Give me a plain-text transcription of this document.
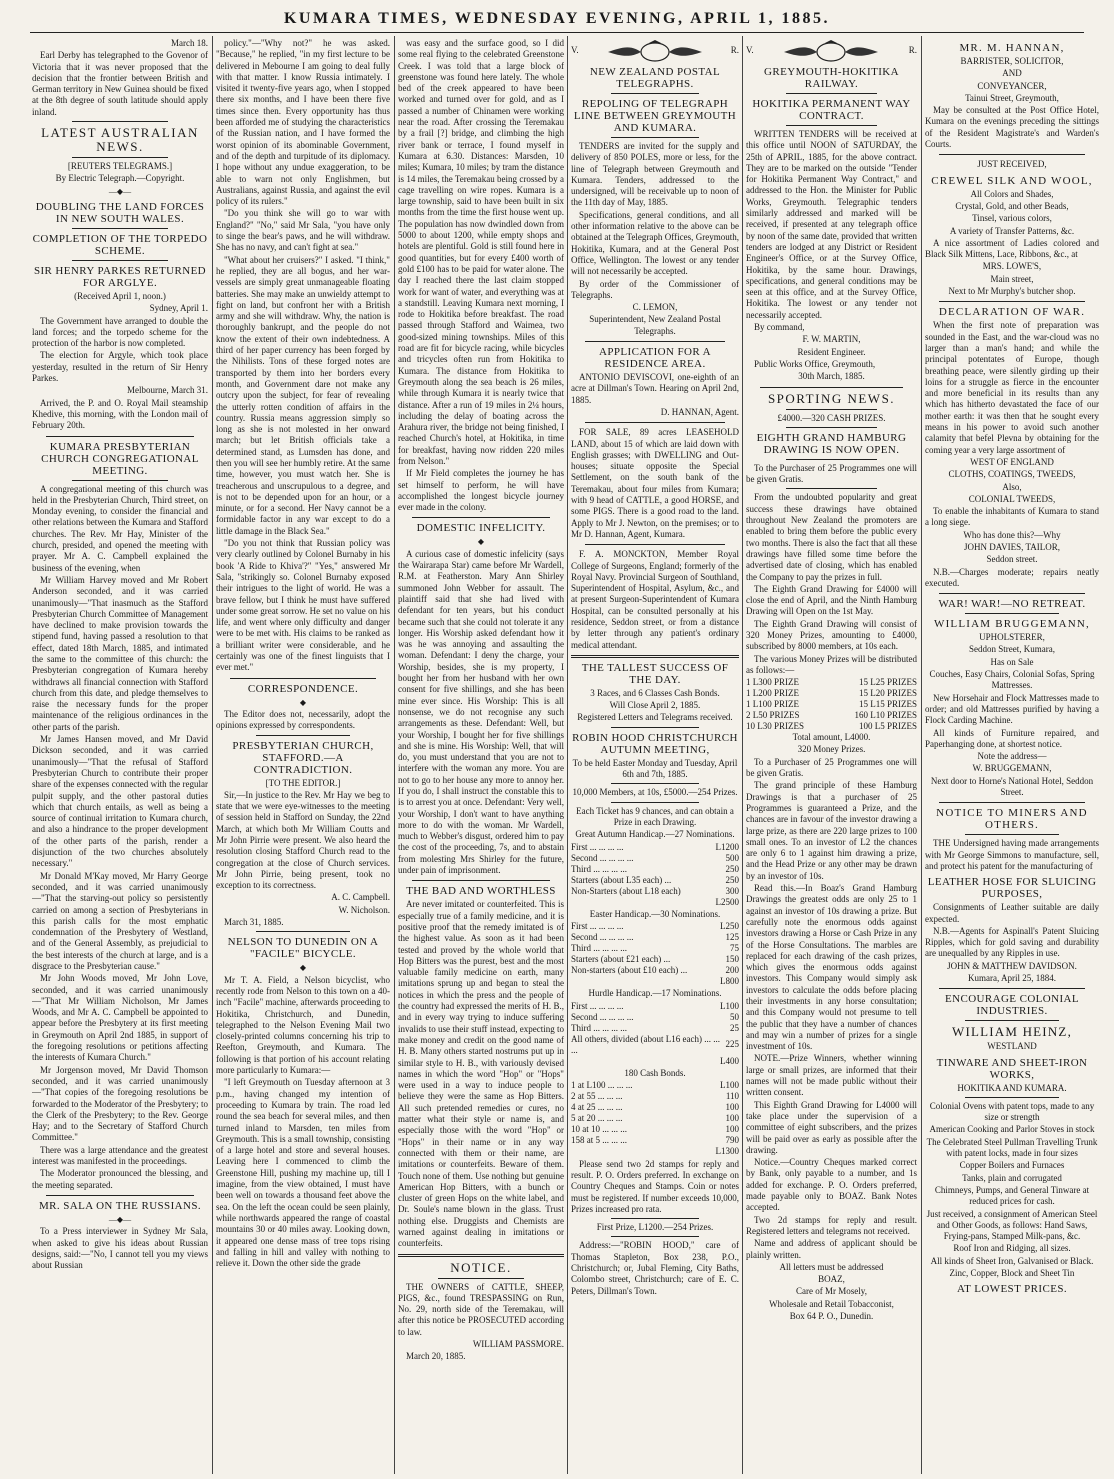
KUMARA TIMES, WEDNESDAY EVENING, APRIL 1, 1885.

March 18.

Earl Derby has telegraphed to the Govenor of Victoria that it was never proposed that the decision that the frontier between British and German territory in New Guinea should be fixed at the 8th degree of south latitude should apply inland.

LATEST AUSTRALIAN NEWS.

[REUTERS TELEGRAMS.]

By Electric Telegraph.—Copyright.

—◆—
DOUBLING THE LAND FORCES IN NEW SOUTH WALES.
COMPLETION OF THE TORPEDO SCHEME.
SIR HENRY PARKES RETURNED FOR ARGLYE.

(Received April 1, noon.)

Sydney, April 1.

The Government have arranged to double the land forces; and the torpedo scheme for the protection of the harbor is now completed.

The election for Argyle, which took place yesterday, resulted in the return of Sir Henry Parkes.

Melbourne, March 31.

Arrived, the P. and O. Royal Mail steamship Khedive, this morning, with the London mail of February 20th.

KUMARA PRESBYTERIAN CHURCH CONGREGATIONAL MEETING.

A congregational meeting of this church was held in the Presbyterian Church, Third street, on Monday evening, to consider the financial and other relations between the Kumara and Stafford churches. The Rev. Mr Hay, Minister of the church, presided, and opened the meeting with prayer. Mr A. C. Campbell explained the business of the evening, when

Mr William Harvey moved and Mr Robert Anderson seconded, and it was carried unanimously—"That inasmuch as the Stafford Presbyterian Church Committee of Management have declined to make provision towards the stipend fund, having passed a resolution to that effect, dated 18th March, 1885, and intimated the same to the committee of this church: the Presbyterian congregation of Kumara hereby withdraws all financial connection with Stafford church from this date, and pledge themselves to raise the necessary funds for the proper maintenance of the religious ordinances in the other parts of the parish.

Mr James Hansen moved, and Mr David Dickson seconded, and it was carried unanimously—"That the refusal of Stafford Presbyterian Church to contribute their proper share of the expenses connected with the regular pulpit supply, and the other pastoral duties which that church entails, as well as being a source of continual irritation to Kumara church, and also a hindrance to the proper development of the other parts of the parish, render a disjunction of the two churches absolutely necessary."

Mr Donald M'Kay moved, Mr Harry George seconded, and it was carried unanimously—"That the starving-out policy so persistently carried on among a section of Presbyterians in this parish calls for the most emphatic condemnation of the Presbytery of Westland, and of the General Assembly, as prejudicial to the best interests of the church at large, and is a disgrace to the Presbyterian cause."

Mr John Woods moved, Mr John Love, seconded, and it was carried unanimously—"That Mr William Nicholson, Mr James Woods, and Mr A. C. Campbell be appointed to appear before the Presbytery at its first meeting in Greymouth on April 2nd 1885, in support of the foregoing resolutions or petitions affecting the interests of Kumara Church."

Mr Jorgenson moved, Mr David Thomson seconded, and it was carried unanimously—"That copies of the foregoing resolutions be forwarded to the Moderator of the Presbytery; to the Clerk of the Presbytery; to the Rev. George Hay; and to the Secretary of Stafford Church Committee."

There was a large attendance and the greatest interest was manifested in the proceedings.

The Moderator pronounced the blessing, and the meeting separated.

MR. SALA ON THE RUSSIANS.
—◆—

To a Press interviewer in Sydney Mr Sala, when asked to give his ideas about Russian designs, said:—"No, I cannot tell you my views about Russian

policy."—"Why not?" he was asked. "Because," he replied, "in my first lecture to be delivered in Mebourne I am going to deal fully with that matter. I know Russia intimately. I visited it twenty-five years ago, when I stopped there six months, and I have been there five times since then. Every opportunity has thus been afforded me of studying the characteristics of the Russian nation, and I have formed the worst opinion of its abominable Government, and of the depth and turpitude of its diplomacy. I hope without any undue exaggeration, to be able to warn not only Englishmen, but Australians, against Russia, and against the evil policy of its rulers."

"Do you think she will go to war with England?" "No," said Mr Sala, "you have only to singe the bear's paws, and he will withdraw. She has no navy, and can't fight at sea."

"What about her cruisers?" I asked. "I think," he replied, they are all bogus, and her war-vessels are simply great unmanageable floating batteries. She may make an unwieldy attempt to fight on land, but confront her with a British army and she will withdraw. Why, the nation is thoroughly bankrupt, and the people do not know the extent of their own indebtedness. A third of her paper currency has been forged by the Nihilists. Tons of these forged notes are transported by them into her borders every month, and Government dare not make any outcry upon the subject, for fear of revealing the utterly rotten condition of affairs in the country. Russia means aggression simply so long as she is not molested in her onward march; but let British officials take a determined stand, as Lumsden has done, and then you will see her humbly retire. At the same time, however, you must watch her. She is treacherous and unscrupulous to a degree, and is not to be depended upon for an hour, or a minute, or for a second. Her Navy cannot be a formidable factor in any war except to do a little damage in the Black Sea."

"Do you not think that Russian policy was very clearly outlined by Colonel Burnaby in his book 'A Ride to Khiva'?" "Yes," answered Mr Sala, "strikingly so. Colonel Burnaby exposed their intrigues to the light of world. He was a brave fellow, but I think he must have suffered under some great sorrow. He set no value on his life, and went where only difficulty and danger were to be met with. His claims to be ranked as a brilliant writer were considerable, and he certainly was one of the finest linguists that I ever met."

CORRESPONDENCE.
◆

The Editor does not, necessarily, adopt the opinions expressed by correspondents.

PRESBYTERIAN CHURCH, STAFFORD.—A CONTRADICTION.

[TO THE EDITOR.]

Sir,—In justice to the Rev. Mr Hay we beg to state that we were eye-witnesses to the meeting of session held in Stafford on Sunday, the 22nd March, at which both Mr William Coutts and Mr John Pirrie were present. We also heard the resolution closing Stafford Church read to the congregation at the close of Church services. Mr John Pirrie, being present, took no exception to its correctness.

A. C. Campbell.

W. Nicholson.

March 31, 1885.

NELSON TO DUNEDIN ON A "FACILE" BICYCLE.
◆

Mr T. A. Field, a Nelson bicyclist, who recently rode from Nelson to this town on a 40-inch "Facile" machine, afterwards proceeding to Hokitika, Christchurch, and Dunedin, telegraphed to the Nelson Evening Mail two closely-printed columns concerning his trip to Reefton, Greymouth, and Kumara. The following is that portion of his account relating more particularly to Kumara:—

"I left Greymouth on Tuesday afternoon at 3 p.m., having changed my intention of proceeding to Kumara by train. The road led round the sea beach for several miles, and then turned inland to Marsden, ten miles from Greymouth. This is a small township, consisting of a large hotel and store and several houses. Leaving here I commenced to climb the Greenstone Hill, pushing my machine up, till I imagine, from the view obtained, I must have been well on towards a thousand feet above the sea. On the left the ocean could be seen plainly, while northwards appeared the range of coastal mountains 30 or 40 miles away. Looking down, it appeared one dense mass of tree tops rising and falling in hill and valley with nothing to relieve it. Down the other side the grade

was easy and the surface good, so I did some real flying to the celebrated Greenstone Creek. I was told that a large block of greenstone was found here lately. The whole bed of the creek appeared to have been worked and turned over for gold, and as I passed a number of Chinamen were working near the road. After crossing the Teremakau by a frail [?] bridge, and climbing the high river bank or terrace, I found myself in Kumara at 6.30. Distances: Marsden, 10 miles; Kumara, 10 miles; by tram the distance is 14 miles, the Teremakau being crossed by a cage travelling on wire ropes. Kumara is a large township, said to have been built in six months from the time the first house went up. The population has now dwindled down from 5000 to about 1200, while empty shops and hotels are plentiful. Gold is still found here in good quantities, but for every £400 worth of gold £100 has to be paid for water alone. The day I reached there the last claim stopped work for want of water, and everything was at a standstill. Leaving Kumara next morning, I rode to Hokitika before breakfast. The road passed through Stafford and Waimea, two good-sized mining townships. Miles of this road are fit for bicycle racing, while bicycles and tricycles often run from Hokitika to Kumara. The distance from Hokitika to Greymouth along the sea beach is 26 miles, while through Kumara it is nearly twice that distance. After a run of 19 miles in 2¼ hours, including the delay of boating across the Arahura river, the bridge not being finished, I reached Church's hotel, at Hokitika, in time for breakfast, having now ridden 220 miles from Nelson."

If Mr Field completes the journey he has set himself to perform, he will have accomplished the longest bicycle journey ever made in the colony.

DOMESTIC INFELICITY.
◆

A curious case of domestic infelicity (says the Wairarapa Star) came before Mr Wardell, R.M. at Featherston. Mary Ann Shirley summoned John Webber for assault. The plaintiff said that she had lived with defendant for ten years, but his conduct became such that she could not tolerate it any longer. His Worship asked defendant how it was he was annoying and assaulting the woman. Defendant: I deny the charge, your Worship, besides, she is my property, I bought her from her husband with her own consent for five shillings, and she has been mine ever since. His Worship: This is all nonsense, we do not recognise any such arrangements as these. Defendant: Well, but your Worship, I bought her for five shillings and she is mine. His Worship: Well, that will do, you must understand that you are not to interfere with the woman any more. You are not to go to her house any more to annoy her. If you do, I shall instruct the constable this to is to arrest you at once. Defendant: Very well, your Worship, I don't want to have anything more to do with the woman. Mr Wardell, much to Webber's disgust, ordered him to pay the cost of the proceeding, 7s, and to abstain from molesting Mrs Shirley for the future, under pain of imprisonment.

THE BAD AND WORTHLESS

Are never imitated or counterfeited. This is especially true of a family medicine, and it is positive proof that the remedy imitated is of the highest value. As soon as it had been tested and proved by the whole world that Hop Bitters was the purest, best and the most valuable family medicine on earth, many imitations sprung up and began to steal the notices in which the press and the people of the country had expressed the merits of H. B., and in every way trying to induce suffering invalids to use their stuff instead, expecting to make money and credit on the good name of H. B. Many others started nostrums put up in similar style to H. B., with variously devised names in which the word "Hop" or "Hops" were used in a way to induce people to believe they were the same as Hop Bitters. All such pretended remedies or cures, no matter what their style or name is, and especially those with the word "Hop" or "Hops" in their name or in any way connected with them or their name, are imitations or counterfeits. Beware of them. Touch none of them. Use nothing but genuine American Hop Bitters, with a bunch or cluster of green Hops on the white label, and Dr. Soule's name blown in the glass. Trust nothing else. Druggists and Chemists are warned against dealing in imitations or counterfeits.

NOTICE.

THE OWNERS of CATTLE, SHEEP, PIGS, &c., found TRESPASSING on Run, No. 29, north side of the Teremakau, will after this notice be PROSECUTED according to law.

WILLIAM PASSMORE.

March 20, 1885.

V.	R.
NEW ZEALAND POSTAL TELEGRAPHS.
REPOLING OF TELEGRAPH LINE BETWEEN GREYMOUTH AND KUMARA.

TENDERS are invited for the supply and delivery of 850 POLES, more or less, for the line of Telegraph between Greymouth and Kumara. Tenders, addressed to the undersigned, will be receivable up to noon of the 11th day of May, 1885.

Specifications, general conditions, and all other information relative to the above can be obtained at the Telegraph Offices, Greymouth, Hokitika, Kumara, and at the General Post Office, Wellington. The lowest or any tender will not necessarily be accepted.

By order of the Commissioner of Telegraphs.

C. LEMON,

Superintendent, New Zealand Postal Telegraphs.

APPLICATION FOR A RESIDENCE AREA.

ANTONIO DEVISCOVI, one-eighth of an acre at Dillman's Town. Hearing on April 2nd, 1885.

D. HANNAN, Agent.

FOR SALE, 89 acres LEASEHOLD LAND, about 15 of which are laid down with English grasses; with DWELLING and Out-houses; situate opposite the Special Settlement, on the south bank of the Teremakau, about four miles from Kumara; with 9 head of CATTLE, a good HORSE, and some PIGS. There is a good road to the land. Apply to Mr J. Newton, on the premises; or to Mr D. Hannan, Agent, Kumara.

F. A. MONCKTON, Member Royal College of Surgeons, England; formerly of the Royal Navy. Provincial Surgeon of Southland, Superintendent of Hospital, Asylum, &c., and at present Surgeon-Superintendent of Kumara Hospital, can be consulted personally at his residence, Seddon street, or from a distance by letter through any patient's ordinary medical attendant.

THE TALLEST SUCCESS OF THE DAY.

3 Races, and 6 Classes Cash Bonds.

Will Close April 2, 1885.

Registered Letters and Telegrams received.

ROBIN HOOD CHRISTCHURCH AUTUMN MEETING,

To be held Easter Monday and Tuesday, April 6th and 7th, 1885.

10,000 Members, at 10s, £5000.—254 Prizes.

Each Ticket has 9 chances, and can obtain a Prize in each Drawing.

Great Autumn Handicap.—27 Nominations.

First ... ... ... ...	L1200
Second ... ... ... ...	500
Third ... ... ... ...	250
Starters (about L35 each) ...	250
Non-Starters (about L18 each)	300

L2500

Easter Handicap.—30 Nominations.

First ... ... ... ...	L250
Second ... ... ... ...	125
Third ... ... ... ...	75
Starters (about £21 each) ...	150
Non-starters (about £10 each) ...	200

L800

Hurdle Handicap.—17 Nominations.

First ... ... ... ...	L100
Second ... ... ... ...	50
Third ... ... ... ...	25
All others, divided (about L16 each) ... ... ...	225

L400

180 Cash Bonds.

1 at L100 ... ... ...	L100
2 at 55 ... ... ...	110
4 at 25 ... ... ...	100
5 at 20 ... ... ...	100
10 at 10 ... ... ...	100
158 at 5 ... ... ...	790

L1300

Please send two 2d stamps for reply and result. P. O. Orders preferred. In exchange on Country Cheques and Stamps. Coin or notes must be registered. If number exceeds 10,000, Prizes increased pro rata.

First Prize, L1200.—254 Prizes.

Address:—"ROBIN HOOD," care of Thomas Stapleton, Box 238, P.O., Christchurch; or, Jubal Fleming, City Baths, Colombo street, Christchurch; care of E. C. Peters, Dillman's Town.

V.	R.
GREYMOUTH-HOKITIKA RAILWAY.
HOKITIKA PERMANENT WAY CONTRACT.

WRITTEN TENDERS will be received at this office until NOON of SATURDAY, the 25th of APRIL, 1885, for the above contract. They are to be marked on the outside "Tender for Hokitika Permanent Way Contract," and addressed to the Hon. the Minister for Public Works, Greymouth. Telegraphic tenders similarly addressed and marked will be received, if presented at any telegraph office by noon of the same date, provided that written tenders are lodged at any District or Resident Engineer's Office, or at the Survey Office, Hokitika, by the same hour. Drawings, specifications, and general conditions may be seen at this office, and at the Survey Office, Hokitika. The lowest or any tender not necessarily accepted.

By command,

F. W. MARTIN,

Resident Engineer.

Public Works Office, Greymouth,

30th March, 1885.

SPORTING NEWS.

£4000.—320 CASH PRIZES.

EIGHTH GRAND HAMBURG DRAWING IS NOW OPEN.

To the Purchaser of 25 Programmes one will be given Gratis.

From the undoubted popularity and great success these drawings have obtained throughout New Zealand the promoters are enabled to bring them before the public every two months. There is also the fact that all these drawings have filled some time before the advertised date of closing, which has enabled the Company to pay the prizes in full.

The Eighth Grand Drawing for £4000 will close the end of April, and the Ninth Hamburg Drawing will Open on the 1st May.

The Eighth Grand Drawing will consist of 320 Money Prizes, amounting to £4000, subscribed by 8000 members, at 10s each.

The various Money Prizes will be distributed as follows:—

1 L300 PRIZE	15 L25 PRIZES
1 L200 PRIZE	15 L20 PRIZES
1 L100 PRIZE	15 L15 PRIZES
2 L50 PRIZES	160 L10 PRIZES
10 L30 PRIZES	100 L5 PRIZES

Total amount, L4000.

320 Money Prizes.

To a Purchaser of 25 Programmes one will be given Gratis.

The grand principle of these Hamburg Drawings is that a purchaser of 25 Programmes is guaranteed a Prize, and the chances are in favour of the investor drawing a large prize, as there are 220 large prizes to 100 small ones. To an investor of L2 the chances are only 6 to 1 against him drawing a prize, and the Head Prize or any other may be drawn by an investor of 10s.

Read this.—In Boaz's Grand Hamburg Drawings the greatest odds are only 25 to 1 against an investor of 10s drawing a prize. But carefully note the enormous odds against investors drawing a Horse or Cash Prize in any of the Horse Consultations. The marbles are replaced for each drawing of the cash prizes, which gives the enormous odds against investors. This Company would simply ask investors to calculate the odds before placing their investments in any horse consultation; and this Company would not presume to tell the public that they have a number of chances and may win a number of prizes for a single investment of 10s.

NOTE.—Prize Winners, whether winning large or small prizes, are informed that their names will not be made public without their written consent.

This Eighth Grand Drawing for L4000 will take place under the supervision of a committee of eight subscribers, and the prizes will be paid over as early as possible after the drawing.

Notice.—Country Cheques marked correct by Bank, only payable to a number, and 1s added for exchange. P. O. Orders preferred, made payable only to BOAZ. Bank Notes accepted.

Two 2d stamps for reply and result. Registered letters and telegrams not received.

Name and address of applicant should be plainly written.

All letters must be addressed

BOAZ,

Care of Mr Mosely,

Wholesale and Retail Tobacconist,

Box 64 P. O., Dunedin.

MR. M. HANNAN,

BARRISTER, SOLICITOR,

AND

CONVEYANCER,

Tainui Street, Greymouth,

May be consulted at the Post Office Hotel, Kumara on the evenings preceding the sittings of the Resident Magistrate's and Warden's Courts.

JUST RECEIVED,

CREWEL SILK AND WOOL,

All Colors and Shades,

Crystal, Gold, and other Beads,

Tinsel, various colors,

A variety of Transfer Patterns, &c.

A nice assortment of Ladies colored and Black Silk Mittens, Lace, Ribbons, &c., at

MRS. LOWE'S,

Main street,

Next to Mr Murphy's butcher shop.

DECLARATION OF WAR.

When the first note of preparation was sounded in the East, and the war-cloud was no larger than a man's hand; and while the principal potentates of Europe, though breathing peace, were silently girding up their loins for a struggle as fierce in the encounter and more beneficial in its results than any which has hitherto devastated the face of our mother earth: it was then that he sought every means in his power to avoid such another calamity that befel Plevna by obtaining for the coming year a very large assortment of

WEST OF ENGLAND

CLOTHS, COATINGS, TWEEDS,

Also,

COLONIAL TWEEDS,

To enable the inhabitants of Kumara to stand a long siege.

Who has done this?—Why

JOHN DAVIES, TAILOR,

Seddon street.

N.B.—Charges moderate; repairs neatly executed.

WAR! WAR!—NO RETREAT.
WILLIAM BRUGGEMANN,

UPHOLSTERER,

Seddon Street, Kumara,

Has on Sale

Couches, Easy Chairs, Colonial Sofas, Spring Mattresses.

New Horsehair and Flock Mattresses made to order; and old Mattresses purified by having a Flock Carding Machine.

All kinds of Furniture repaired, and Paperhanging done, at shortest notice.

Note the address—

W. BRUGGEMANN,

Next door to Horne's National Hotel, Seddon Street.

NOTICE TO MINERS AND OTHERS.

THE Undersigned having made arrangements with Mr George Simmons to manufacture, sell, and protect his patent for the manufacturing of

LEATHER HOSE FOR SLUICING PURPOSES,

Consignments of Leather suitable are daily expected.

N.B.—Agents for Aspinall's Patent Sluicing Ripples, which for gold saving and durability are unequalled by any Ripples in use.

JOHN & MATTHEW DAVIDSON.

Kumara, April 25, 1884.

ENCOURAGE COLONIAL INDUSTRIES.
WILLIAM HEINZ,

WESTLAND

TINWARE AND SHEET-IRON WORKS,

HOKITIKA AND KUMARA.

Colonial Ovens with patent tops, made to any size or strength

American Cooking and Parlor Stoves in stock

The Celebrated Steel Pullman Travelling Trunk with patent locks, made in four sizes

Copper Boilers and Furnaces

Tanks, plain and corrugated

Chimneys, Pumps, and General Tinware at reduced prices for cash.

Just received, a consignment of American Steel and Other Goods, as follows: Hand Saws, Frying-pans, Stamped Milk-pans, &c.

Roof Iron and Ridging, all sizes.

All kinds of Sheet Iron, Galvanised or Black.

Zinc, Copper, Block and Sheet Tin

AT LOWEST PRICES.
